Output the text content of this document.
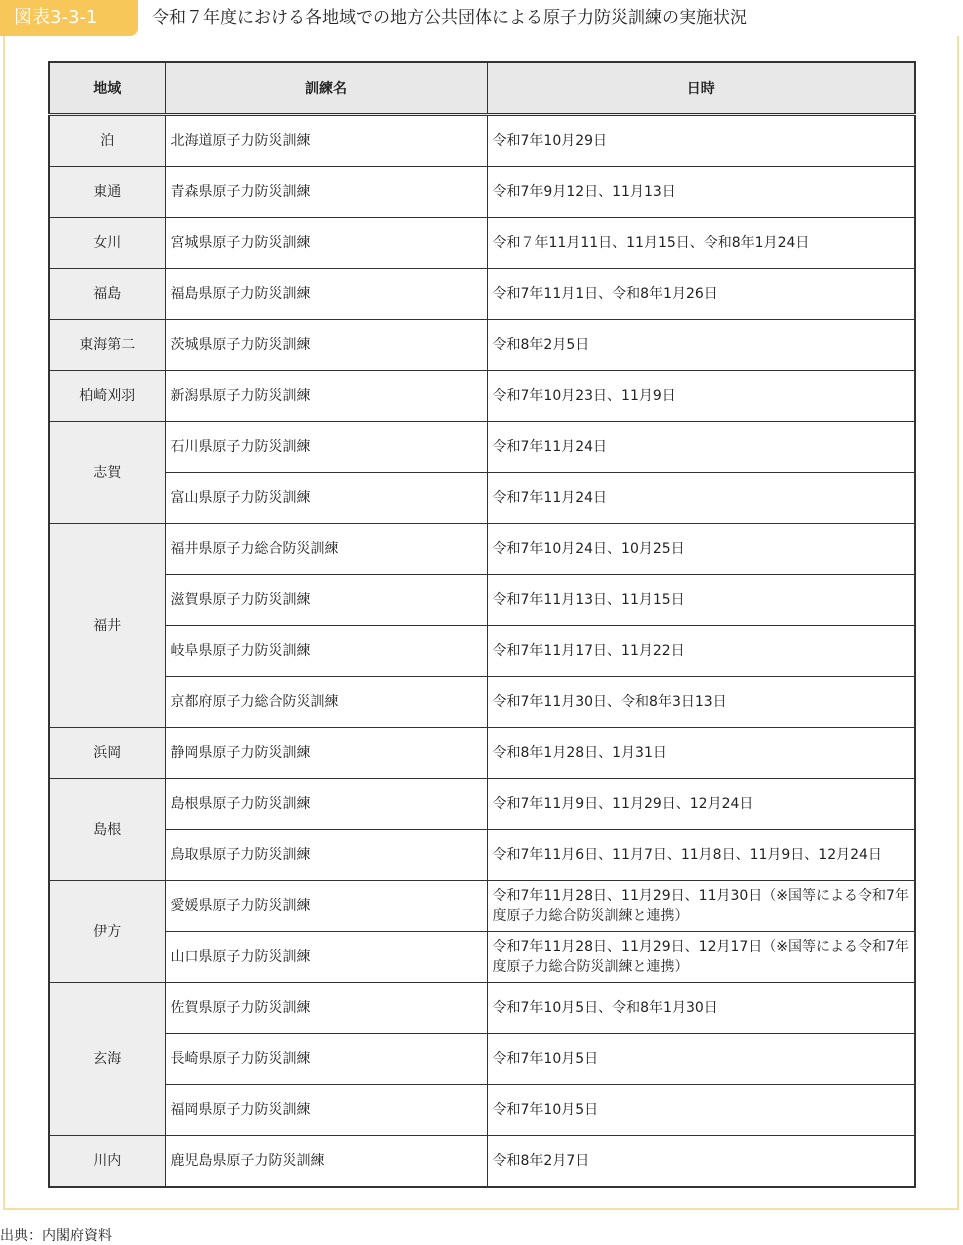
図表3-3-1	令和７年度における各地域での地方公共団体による原子力防災訓練の実施状況
地域	訓練名	日時
泊	北海道原子力防災訓練	令和7年10月29日
東通	青森県原子力防災訓練	令和7年9月12日、11月13日
女川	宮城県原子力防災訓練	令和７年11月11日、11月15日、令和8年1月24日
福島	福島県原子力防災訓練	令和7年11月1日、令和8年1月26日
東海第二	茨城県原子力防災訓練	令和8年2月5日
柏崎刈羽	新潟県原子力防災訓練	令和7年10月23日、11月9日
志賀	石川県原子力防災訓練	令和7年11月24日
	富山県原子力防災訓練	令和7年11月24日
福井	福井県原子力総合防災訓練	令和7年10月24日、10月25日
	滋賀県原子力防災訓練	令和7年11月13日、11月15日
	岐阜県原子力防災訓練	令和7年11月17日、11月22日
	京都府原子力総合防災訓練	令和7年11月30日、令和8年3日13日
浜岡	静岡県原子力防災訓練	令和8年1月28日、1月31日
島根	島根県原子力防災訓練	令和7年11月9日、11月29日、12月24日
	鳥取県原子力防災訓練	令和7年11月6日、11月7日、11月8日、11月9日、12月24日
伊方	愛媛県原子力防災訓練	令和7年11月28日、11月29日、11月30日（※国等による令和7年度原子力総合防災訓練と連携）
	山口県原子力防災訓練	令和7年11月28日、11月29日、12月17日（※国等による令和7年度原子力総合防災訓練と連携）
玄海	佐賀県原子力防災訓練	令和7年10月5日、令和8年1月30日
	長崎県原子力防災訓練	令和7年10月5日
	福岡県原子力防災訓練	令和7年10月5日
川内	鹿児島県原子力防災訓練	令和8年2月7日
出典：内閣府資料
